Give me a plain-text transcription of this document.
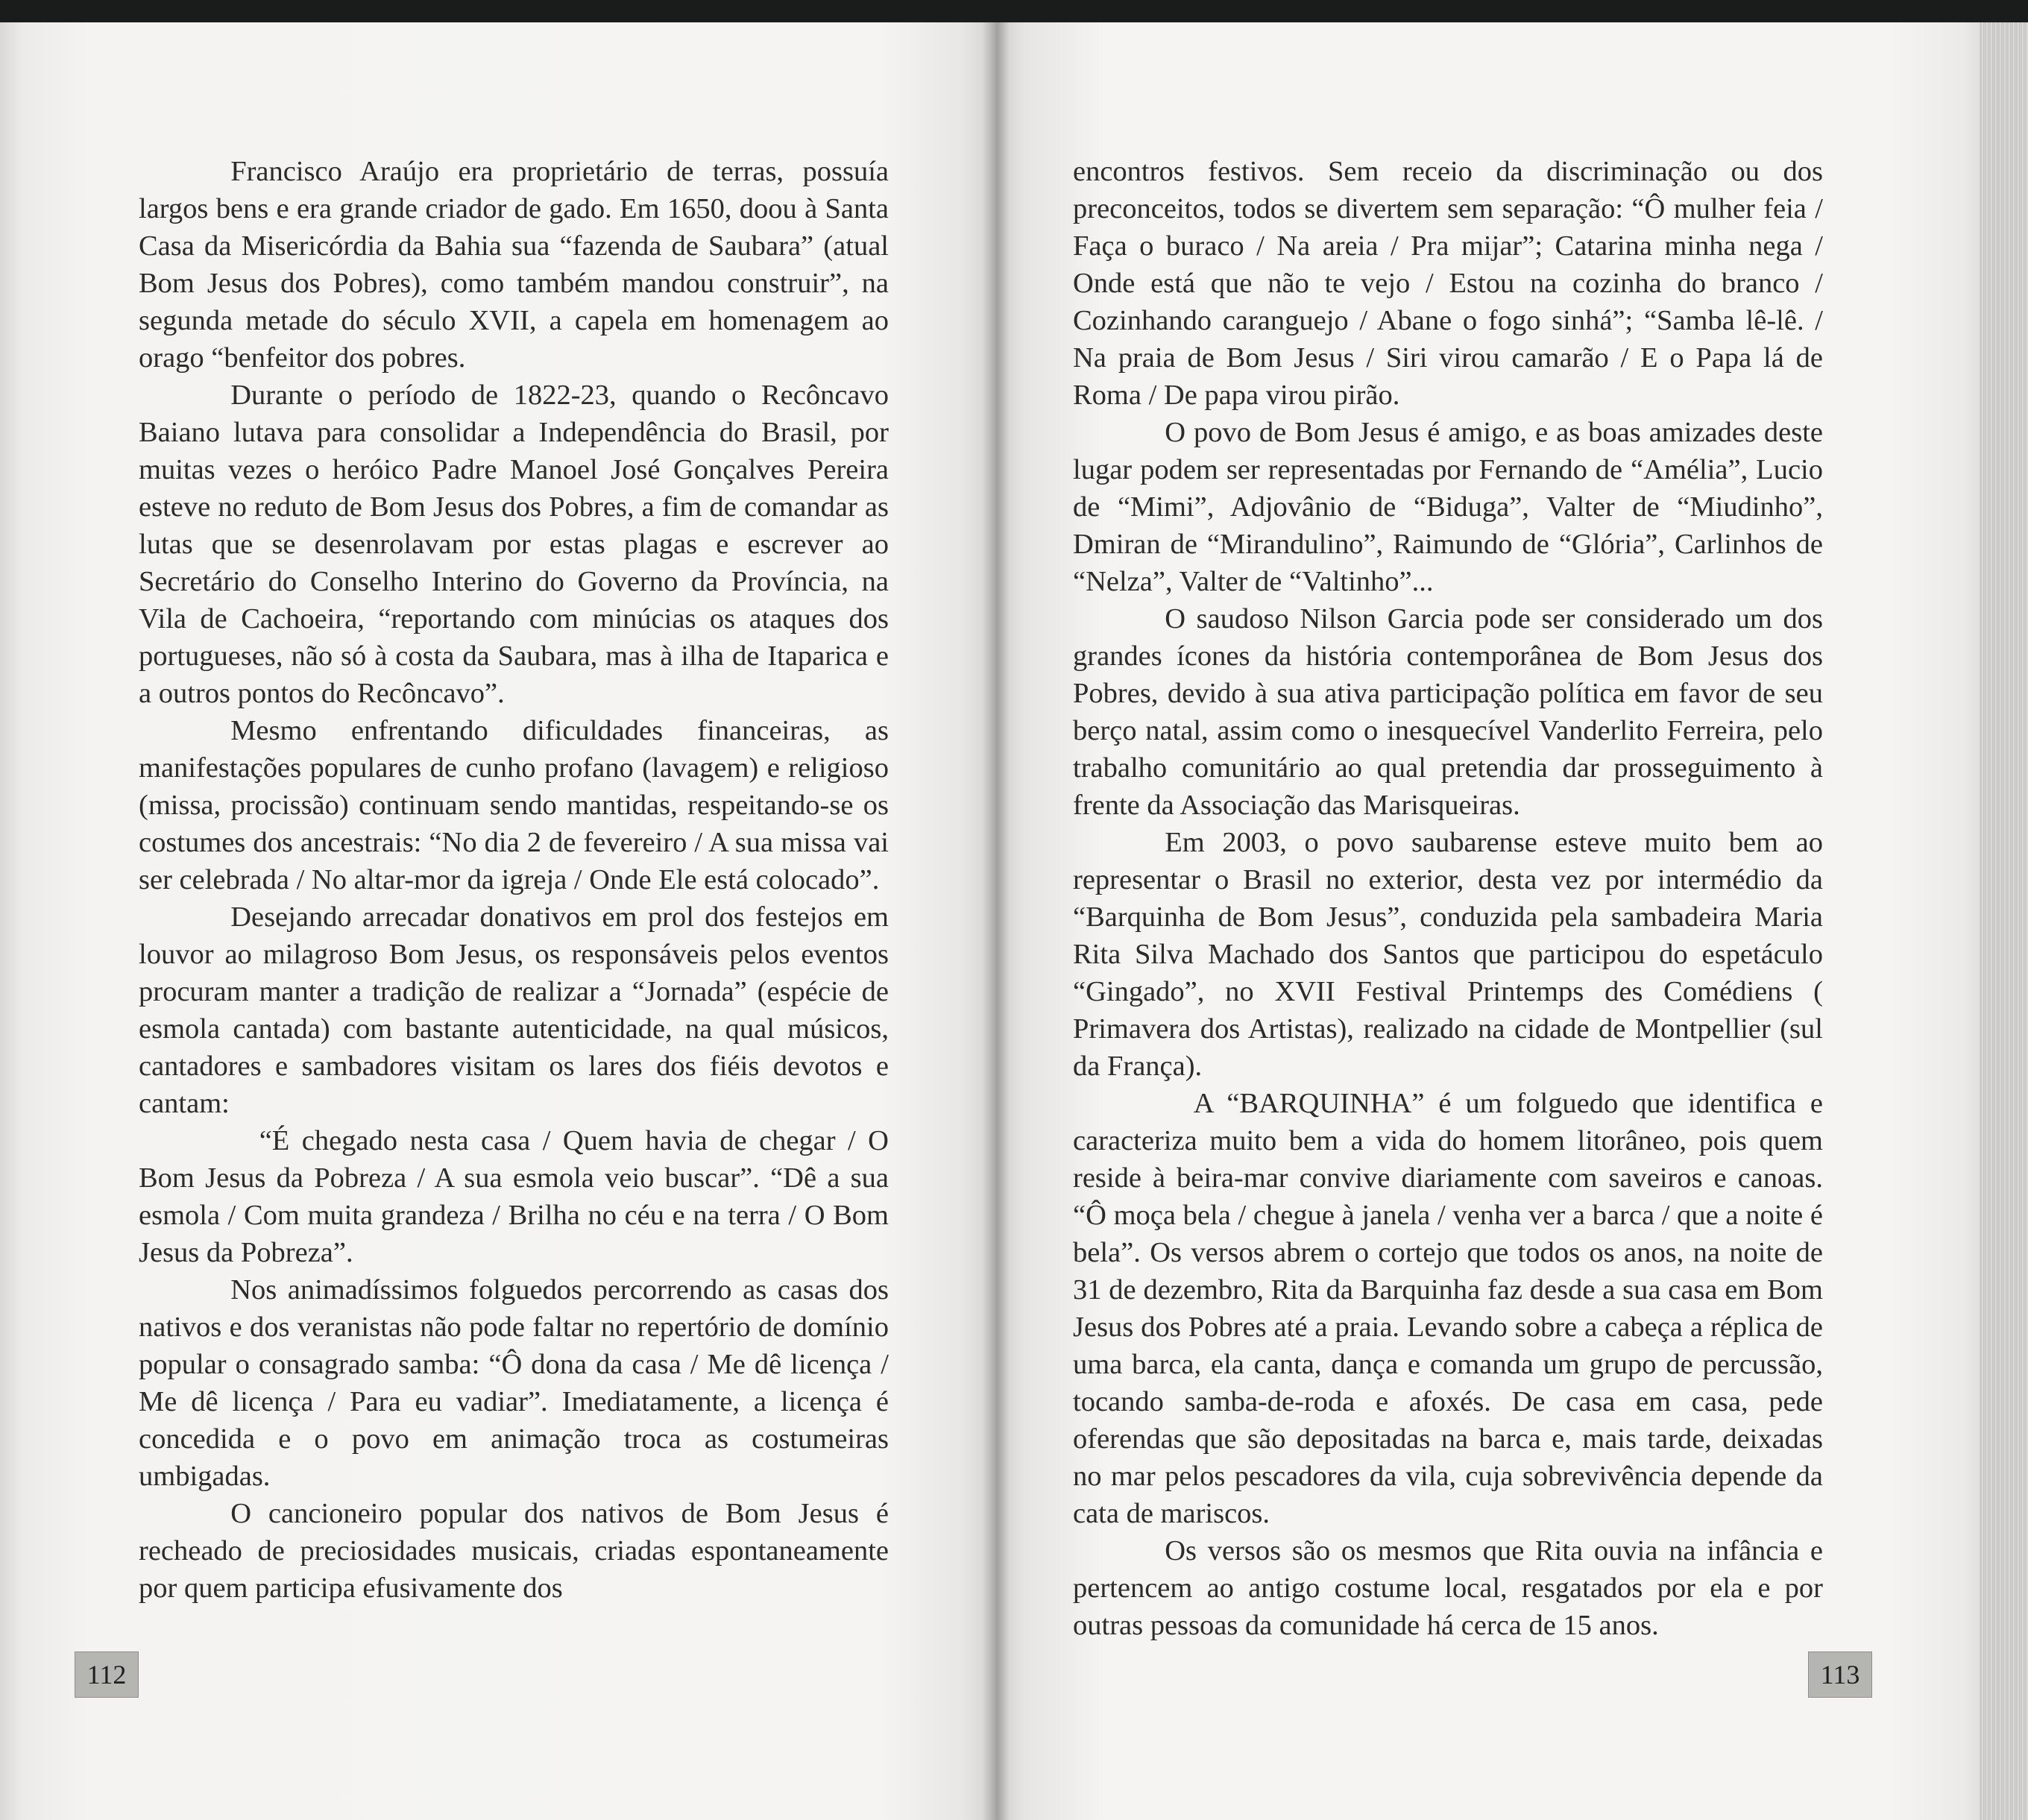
Francisco Araújo era proprietário de terras, possuía largos bens e era grande criador de gado. Em 1650, doou à Santa Casa da Misericórdia da Bahia sua “fazenda de Saubara” (atual Bom Jesus dos Pobres), como também mandou construir”, na segunda metade do século XVII, a capela em homenagem ao orago “benfeitor dos pobres.

Durante o período de 1822-23, quando o Recôncavo Baiano lutava para consolidar a Independência do Brasil, por muitas vezes o heróico Padre Manoel José Gonçalves Pereira esteve no reduto de Bom Jesus dos Pobres, a fim de comandar as lutas que se desenrolavam por estas plagas e escrever ao Secretário do Conselho Interino do Governo da Província, na Vila de Cachoeira, “reportando com minúcias os ataques dos portugueses, não só à costa da Saubara, mas à ilha de Itaparica e a outros pontos do Recôncavo”.

Mesmo enfrentando dificuldades financeiras, as manifestações populares de cunho profano (lavagem) e religioso (missa, procissão) continuam sendo mantidas, respeitando-se os costumes dos ancestrais: “No dia 2 de fevereiro / A sua missa vai ser celebrada / No altar-mor da igreja / Onde Ele está colocado”.

Desejando arrecadar donativos em prol dos festejos em louvor ao milagroso Bom Jesus, os responsáveis pelos eventos procuram manter a tradição de realizar a “Jornada” (espécie de esmola cantada) com bastante autenticidade, na qual músicos, cantadores e sambadores visitam os lares dos fiéis devotos e cantam:

“É chegado nesta casa / Quem havia de chegar / O Bom Jesus da Pobreza / A sua esmola veio buscar”. “Dê a sua esmola / Com muita grandeza / Brilha no céu e na terra / O Bom Jesus da Pobreza”.

Nos animadíssimos folguedos percorrendo as casas dos nativos e dos veranistas não pode faltar no repertório de domínio popular o consagrado samba: “Ô dona da casa / Me dê licença / Me dê licença / Para eu vadiar”. Imediatamente, a licença é concedida e o povo em animação troca as costumeiras umbigadas.

O cancioneiro popular dos nativos de Bom Jesus é recheado de preciosidades musicais, criadas espontaneamente por quem participa efusivamente dos

112

encontros festivos. Sem receio da discriminação ou dos preconceitos, todos se divertem sem separação: “Ô mulher feia / Faça o buraco / Na areia / Pra mijar”; Catarina minha nega / Onde está que não te vejo / Estou na cozinha do branco / Cozinhando caranguejo / Abane o fogo sinhá”; “Samba lê-lê. / Na praia de Bom Jesus / Siri virou camarão / E o Papa lá de Roma / De papa virou pirão.

O povo de Bom Jesus é amigo, e as boas amizades deste lugar podem ser representadas por Fernando de “Amélia”, Lucio de “Mimi”, Adjovânio de “Biduga”, Valter de “Miudinho”, Dmiran de “Mirandulino”, Raimundo de “Glória”, Carlinhos de “Nelza”, Valter de “Valtinho”...

O saudoso Nilson Garcia pode ser considerado um dos grandes ícones da história contemporânea de Bom Jesus dos Pobres, devido à sua ativa participação política em favor de seu berço natal, assim como o inesquecível Vanderlito Ferreira, pelo trabalho comunitário ao qual pretendia dar prosseguimento à frente da Associação das Marisqueiras.

Em 2003, o povo saubarense esteve muito bem ao representar o Brasil no exterior, desta vez por intermédio da “Barquinha de Bom Jesus”, conduzida pela sambadeira Maria Rita Silva Machado dos Santos que participou do espetáculo “Gingado”, no XVII Festival Printemps des Comédiens ( Primavera dos Artistas), realizado na cidade de Montpellier (sul da França).

A “BARQUINHA” é um folguedo que identifica e caracteriza muito bem a vida do homem litorâneo, pois quem reside à beira-mar convive diariamente com saveiros e canoas. “Ô moça bela / chegue à janela / venha ver a barca / que a noite é bela”. Os versos abrem o cortejo que todos os anos, na noite de 31 de dezembro, Rita da Barquinha faz desde a sua casa em Bom Jesus dos Pobres até a praia. Levando sobre a cabeça a réplica de uma barca, ela canta, dança e comanda um grupo de percussão, tocando samba-de-roda e afoxés. De casa em casa, pede oferendas que são depositadas na barca e, mais tarde, deixadas no mar pelos pescadores da vila, cuja sobrevivência depende da cata de mariscos.

Os versos são os mesmos que Rita ouvia na infância e pertencem ao antigo costume local, resgatados por ela e por outras pessoas da comunidade há cerca de 15 anos.

113
